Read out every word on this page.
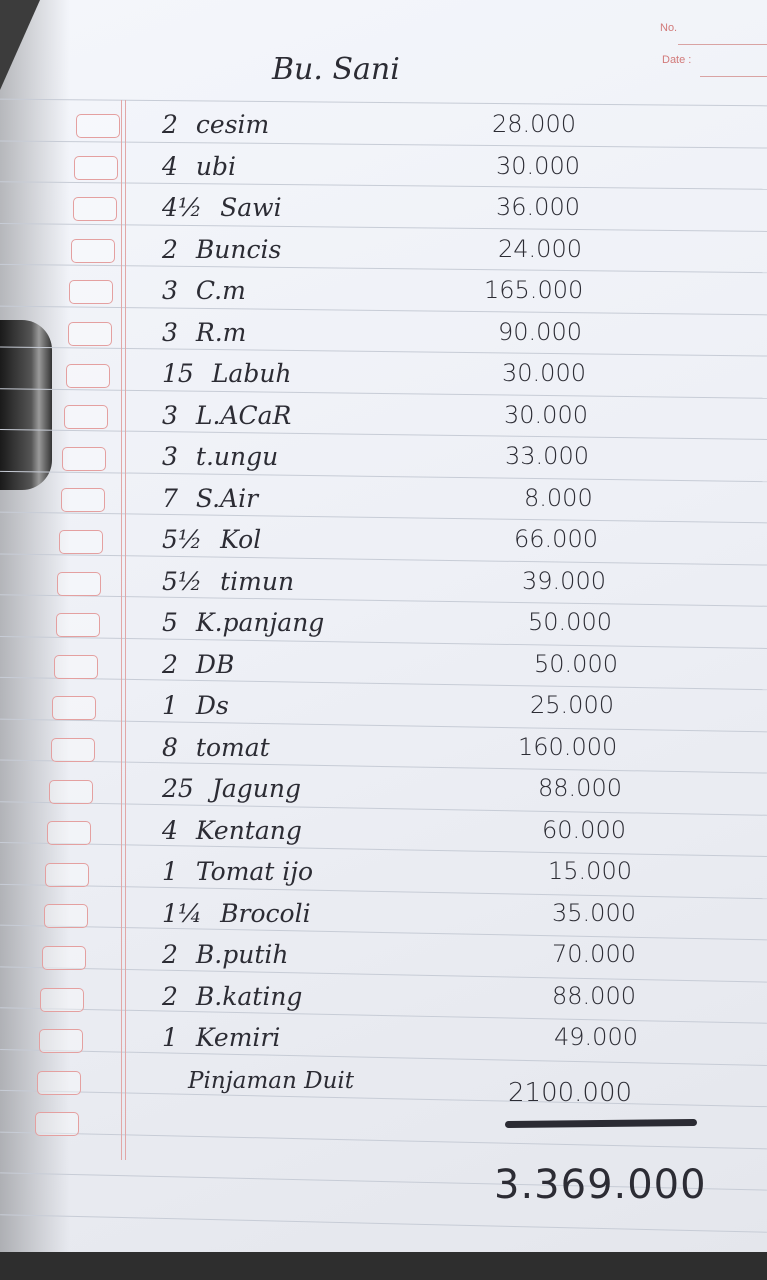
No.
Date :
Bu. Sani
2 cesim	28.000
4 ubi	30.000
4½ Sawi	36.000
2 Buncis	24.000
3 C.m	165.000
3 R.m	90.000
15 Labuh	30.000
3 L.ACaR	30.000
3 t.ungu	33.000
7 S.Air	8.000
5½ Kol	66.000
5½ timun	39.000
5 K.panjang	50.000
2 DB	50.000
1 Ds	25.000
8 tomat	160.000
25 Jagung	88.000
4 Kentang	60.000
1 Tomat ijo	15.000
1¼ Brocoli	35.000
2 B.putih	70.000
2 B.kating	88.000
1 Kemiri	49.000
Pinjaman Duit	2100.000
3.369.000
